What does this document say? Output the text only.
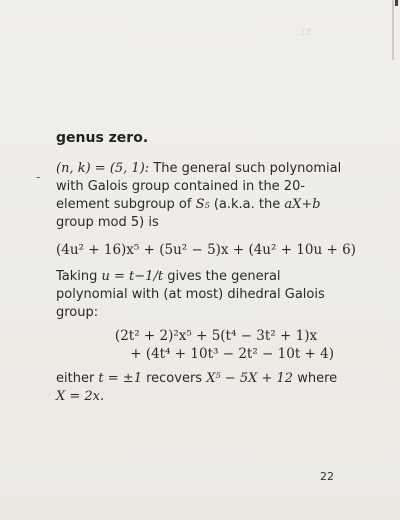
51
genus zero.

(n, k) = (5, 1): The general such polynomial with Galois group contained in the 20-element subgroup of S₅ (a.k.a. the aX+b group mod 5) is

(4u² + 16)x⁵ + (5u² − 5)x + (4u² + 10u + 6)

Taking u = t−1/t gives the general polynomial with (at most) dihedral Galois group:

(2t² + 2)²x⁵ + 5(t⁴ − 3t² + 1)x
+ (4t⁴ + 10t³ − 2t² − 10t + 4)

either t = ±1 recovers X⁵ − 5X + 12 where
X = 2x.

-
22
